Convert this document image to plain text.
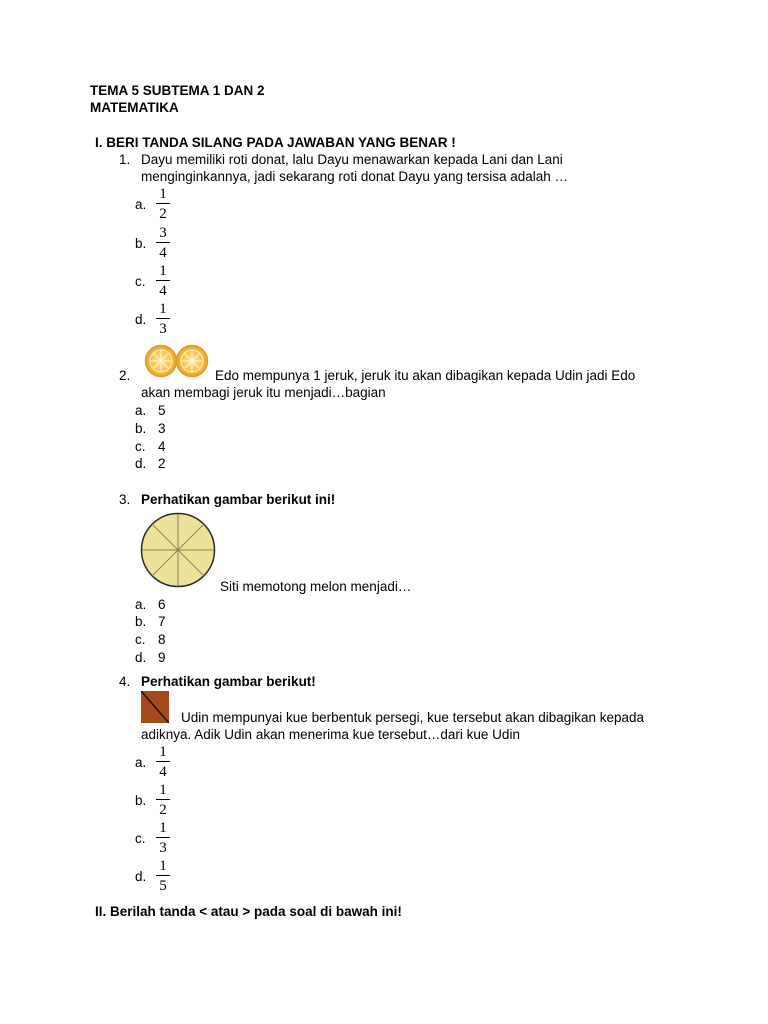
TEMA 5 SUBTEMA 1 DAN 2
MATEMATIKA
I. BERI TANDA SILANG PADA JAWABAN YANG BENAR !
1. Dayu memiliki roti donat, lalu Dayu menawarkan kepada Lani dan Lani
menginginkannya, jadi sekarang roti donat Dayu yang tersisa adalah …
a.
1
2
b.
3
4
c.
1
4
d.
1
3
2.	Edo mempunya 1 jeruk, jeruk itu akan dibagikan kepada Udin jadi Edo
akan membagi jeruk itu menjadi…bagian
a. 5
b. 3
c. 4
d. 2
3. Perhatikan gambar berikut ini!
Siti memotong melon menjadi…
a. 6
b. 7
c. 8
d. 9
4. Perhatikan gambar berikut!
Udin mempunyai kue berbentuk persegi, kue tersebut akan dibagikan kepada
adiknya. Adik Udin akan menerima kue tersebut…dari kue Udin
a.
1
4
b.
1
2
c.
1
3
d.
1
5
II. Berilah tanda < atau > pada soal di bawah ini!
